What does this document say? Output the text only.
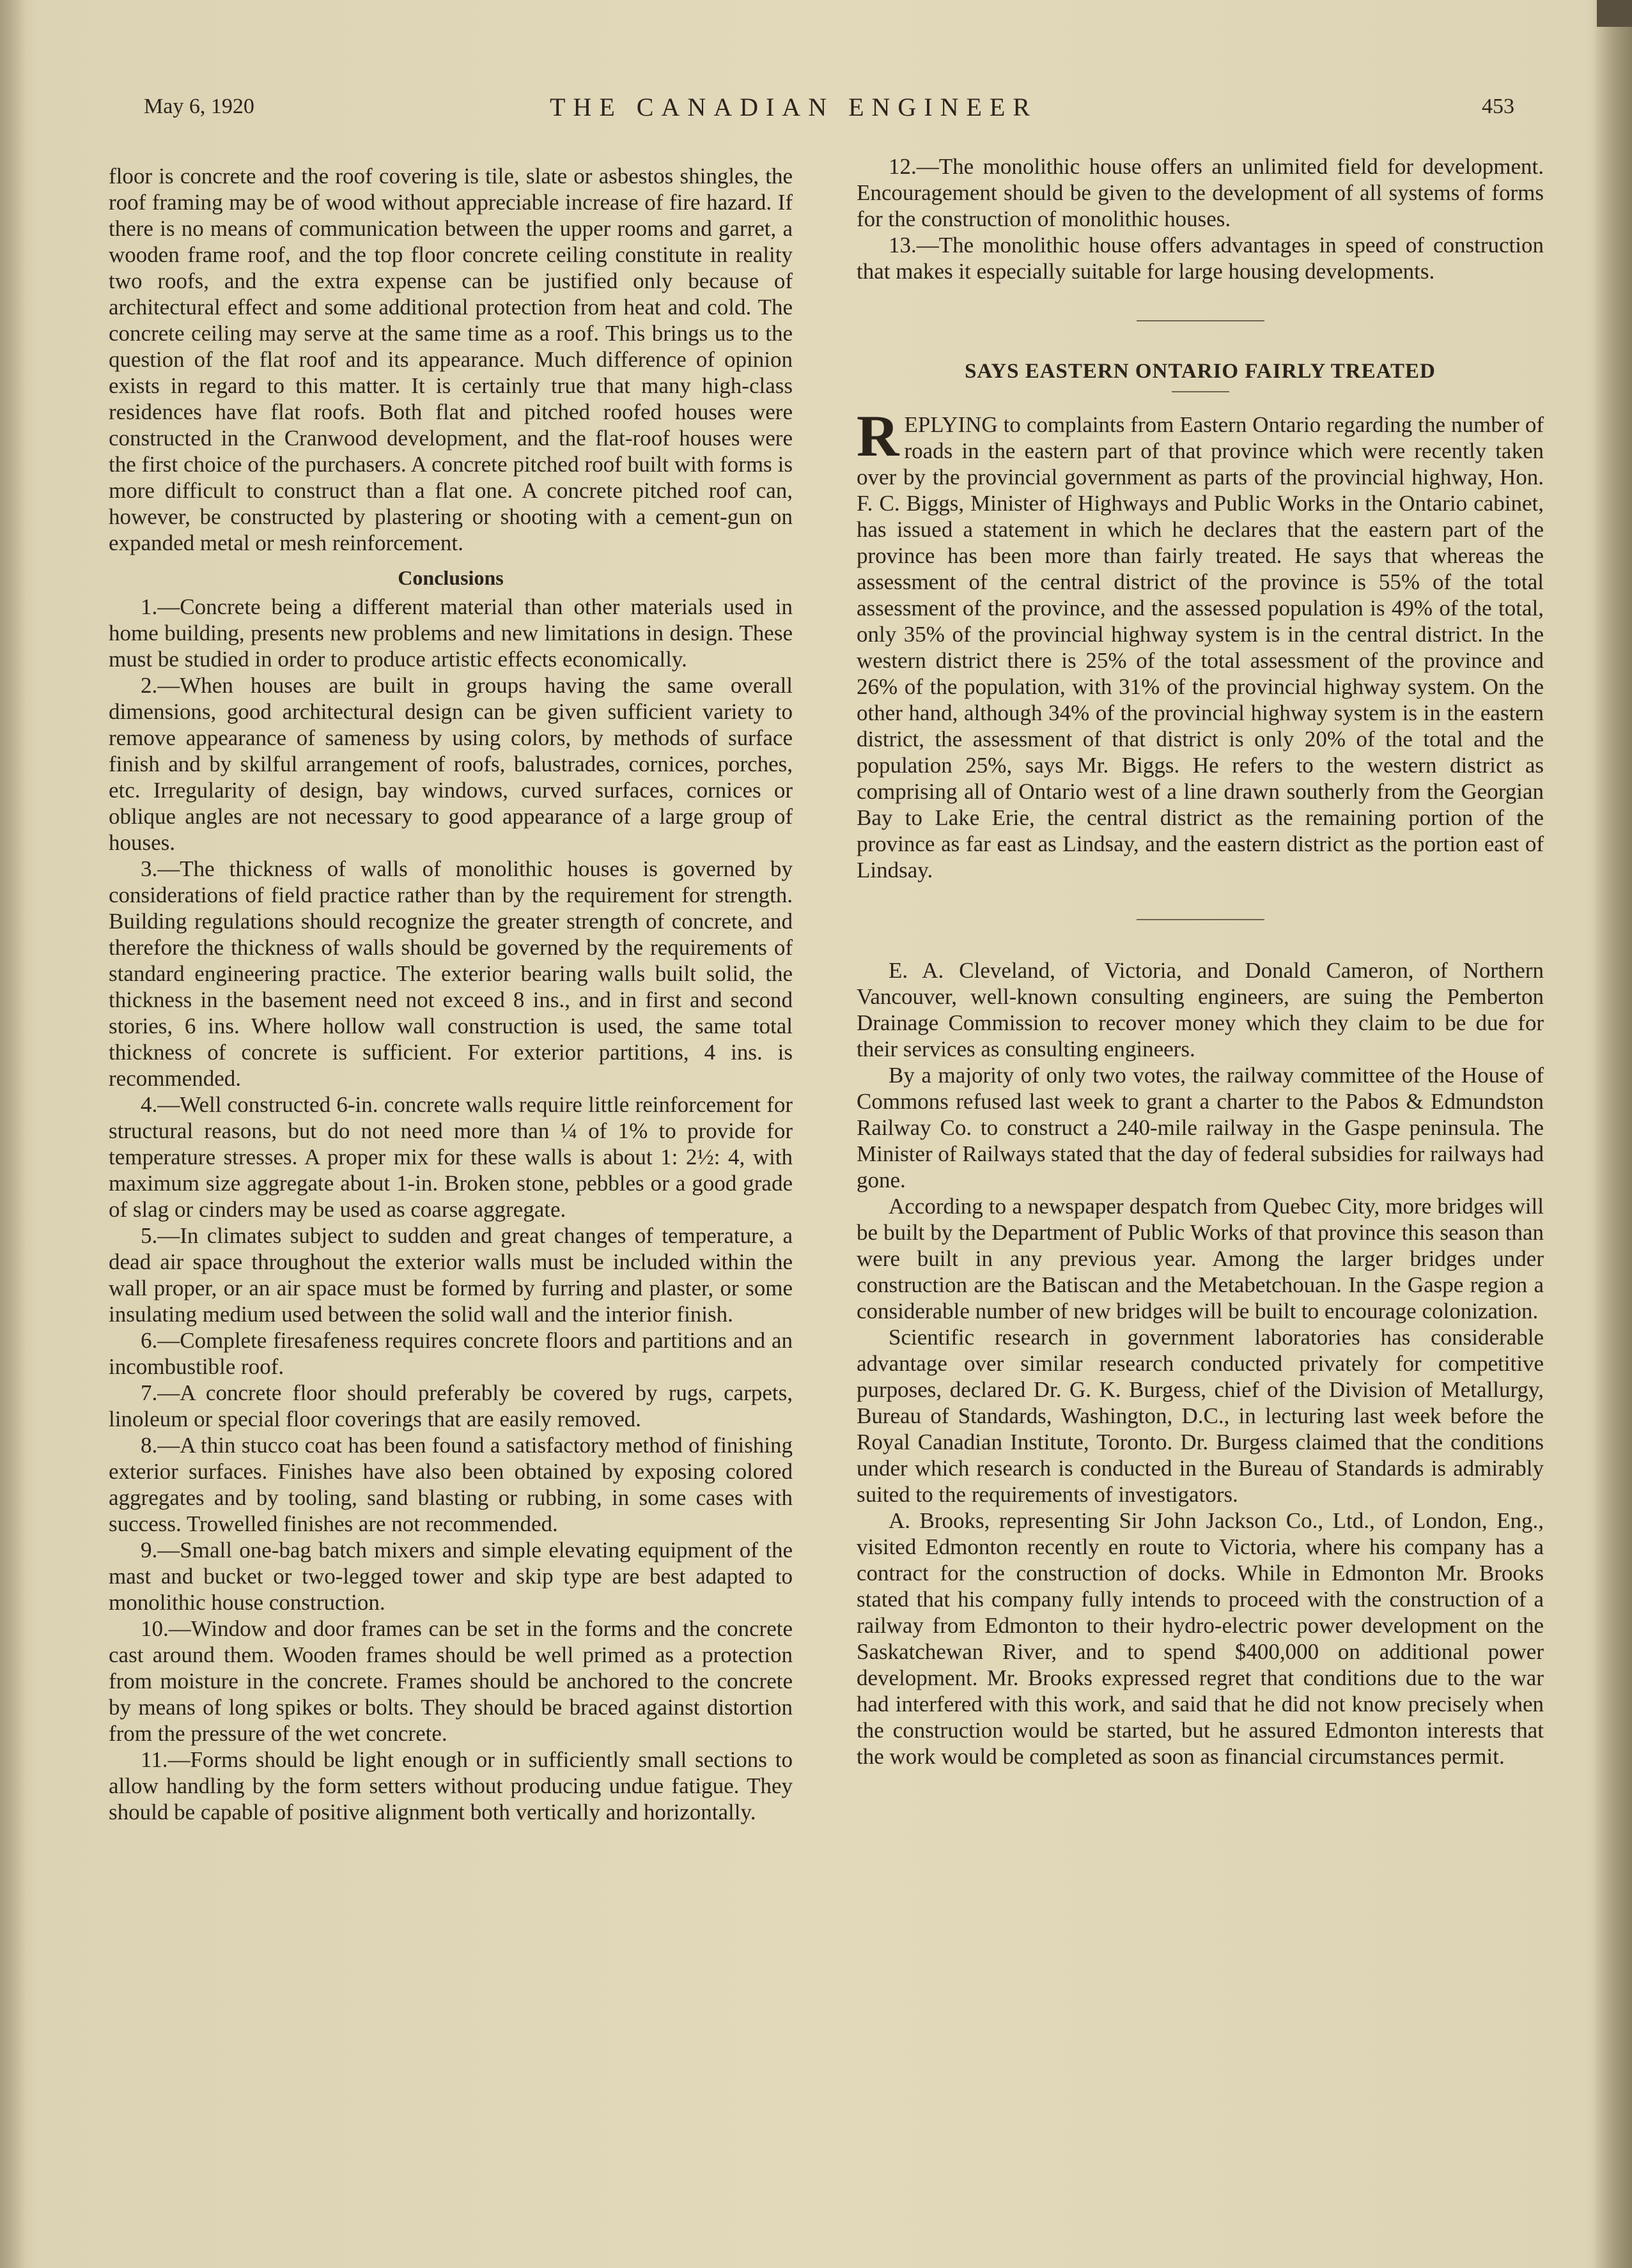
May 6, 1920	THE CANADIAN ENGINEER	453

floor is concrete and the roof covering is tile, slate or asbestos shingles, the roof framing may be of wood without appreciable increase of fire hazard. If there is no means of communication between the upper rooms and garret, a wooden frame roof, and the top floor concrete ceiling constitute in reality two roofs, and the extra expense can be justified only because of architectural effect and some additional protection from heat and cold. The concrete ceiling may serve at the same time as a roof. This brings us to the question of the flat roof and its appearance. Much difference of opinion exists in regard to this matter. It is certainly true that many high-class residences have flat roofs. Both flat and pitched roofed houses were constructed in the Cranwood development, and the flat-roof houses were the first choice of the purchasers. A concrete pitched roof built with forms is more difficult to construct than a flat one. A concrete pitched roof can, however, be constructed by plastering or shooting with a cement-gun on expanded metal or mesh reinforcement.

Conclusions

1.—Concrete being a different material than other materials used in home building, presents new problems and new limitations in design. These must be studied in order to produce artistic effects economically.

2.—When houses are built in groups having the same overall dimensions, good architectural design can be given sufficient variety to remove appearance of sameness by using colors, by methods of surface finish and by skilful arrangement of roofs, balustrades, cornices, porches, etc. Irregularity of design, bay windows, curved surfaces, cornices or oblique angles are not necessary to good appearance of a large group of houses.

3.—The thickness of walls of monolithic houses is governed by considerations of field practice rather than by the requirement for strength. Building regulations should recognize the greater strength of concrete, and therefore the thickness of walls should be governed by the requirements of standard engineering practice. The exterior bearing walls built solid, the thickness in the basement need not exceed 8 ins., and in first and second stories, 6 ins. Where hollow wall construction is used, the same total thickness of concrete is sufficient. For exterior partitions, 4 ins. is recommended.

4.—Well constructed 6-in. concrete walls require little reinforcement for structural reasons, but do not need more than ¼ of 1% to provide for temperature stresses. A proper mix for these walls is about 1: 2½: 4, with maximum size aggregate about 1-in. Broken stone, pebbles or a good grade of slag or cinders may be used as coarse aggregate.

5.—In climates subject to sudden and great changes of temperature, a dead air space throughout the exterior walls must be included within the wall proper, or an air space must be formed by furring and plaster, or some insulating medium used between the solid wall and the interior finish.

6.—Complete firesafeness requires concrete floors and partitions and an incombustible roof.

7.—A concrete floor should preferably be covered by rugs, carpets, linoleum or special floor coverings that are easily removed.

8.—A thin stucco coat has been found a satisfactory method of finishing exterior surfaces. Finishes have also been obtained by exposing colored aggregates and by tooling, sand blasting or rubbing, in some cases with success. Trowelled finishes are not recommended.

9.—Small one-bag batch mixers and simple elevating equipment of the mast and bucket or two-legged tower and skip type are best adapted to monolithic house construction.

10.—Window and door frames can be set in the forms and the concrete cast around them. Wooden frames should be well primed as a protection from moisture in the concrete. Frames should be anchored to the concrete by means of long spikes or bolts. They should be braced against distortion from the pressure of the wet concrete.

11.—Forms should be light enough or in sufficiently small sections to allow handling by the form setters without producing undue fatigue. They should be capable of positive alignment both vertically and horizontally.

12.—The monolithic house offers an unlimited field for development. Encouragement should be given to the development of all systems of forms for the construction of monolithic houses.

13.—The monolithic house offers advantages in speed of construction that makes it especially suitable for large housing developments.

SAYS EASTERN ONTARIO FAIRLY TREATED

REPLYING to complaints from Eastern Ontario regarding the number of roads in the eastern part of that province which were recently taken over by the provincial government as parts of the provincial highway, Hon. F. C. Biggs, Minister of Highways and Public Works in the Ontario cabinet, has issued a statement in which he declares that the eastern part of the province has been more than fairly treated. He says that whereas the assessment of the central district of the province is 55% of the total assessment of the province, and the assessed population is 49% of the total, only 35% of the provincial highway system is in the central district. In the western district there is 25% of the total assessment of the province and 26% of the population, with 31% of the provincial highway system. On the other hand, although 34% of the provincial highway system is in the eastern district, the assessment of that district is only 20% of the total and the population 25%, says Mr. Biggs. He refers to the western district as comprising all of Ontario west of a line drawn southerly from the Georgian Bay to Lake Erie, the central district as the remaining portion of the province as far east as Lindsay, and the eastern district as the portion east of Lindsay.

E. A. Cleveland, of Victoria, and Donald Cameron, of Northern Vancouver, well-known consulting engineers, are suing the Pemberton Drainage Commission to recover money which they claim to be due for their services as consulting engineers.

By a majority of only two votes, the railway committee of the House of Commons refused last week to grant a charter to the Pabos & Edmundston Railway Co. to construct a 240-mile railway in the Gaspe peninsula. The Minister of Railways stated that the day of federal subsidies for railways had gone.

According to a newspaper despatch from Quebec City, more bridges will be built by the Department of Public Works of that province this season than were built in any previous year. Among the larger bridges under construction are the Batiscan and the Metabetchouan. In the Gaspe region a considerable number of new bridges will be built to encourage colonization.

Scientific research in government laboratories has considerable advantage over similar research conducted privately for competitive purposes, declared Dr. G. K. Burgess, chief of the Division of Metallurgy, Bureau of Standards, Washington, D.C., in lecturing last week before the Royal Canadian Institute, Toronto. Dr. Burgess claimed that the conditions under which research is conducted in the Bureau of Standards is admirably suited to the requirements of investigators.

A. Brooks, representing Sir John Jackson Co., Ltd., of London, Eng., visited Edmonton recently en route to Victoria, where his company has a contract for the construction of docks. While in Edmonton Mr. Brooks stated that his company fully intends to proceed with the construction of a railway from Edmonton to their hydro-electric power development on the Saskatchewan River, and to spend $400,000 on additional power development. Mr. Brooks expressed regret that conditions due to the war had interfered with this work, and said that he did not know precisely when the construction would be started, but he assured Edmonton interests that the work would be completed as soon as financial circumstances permit.
